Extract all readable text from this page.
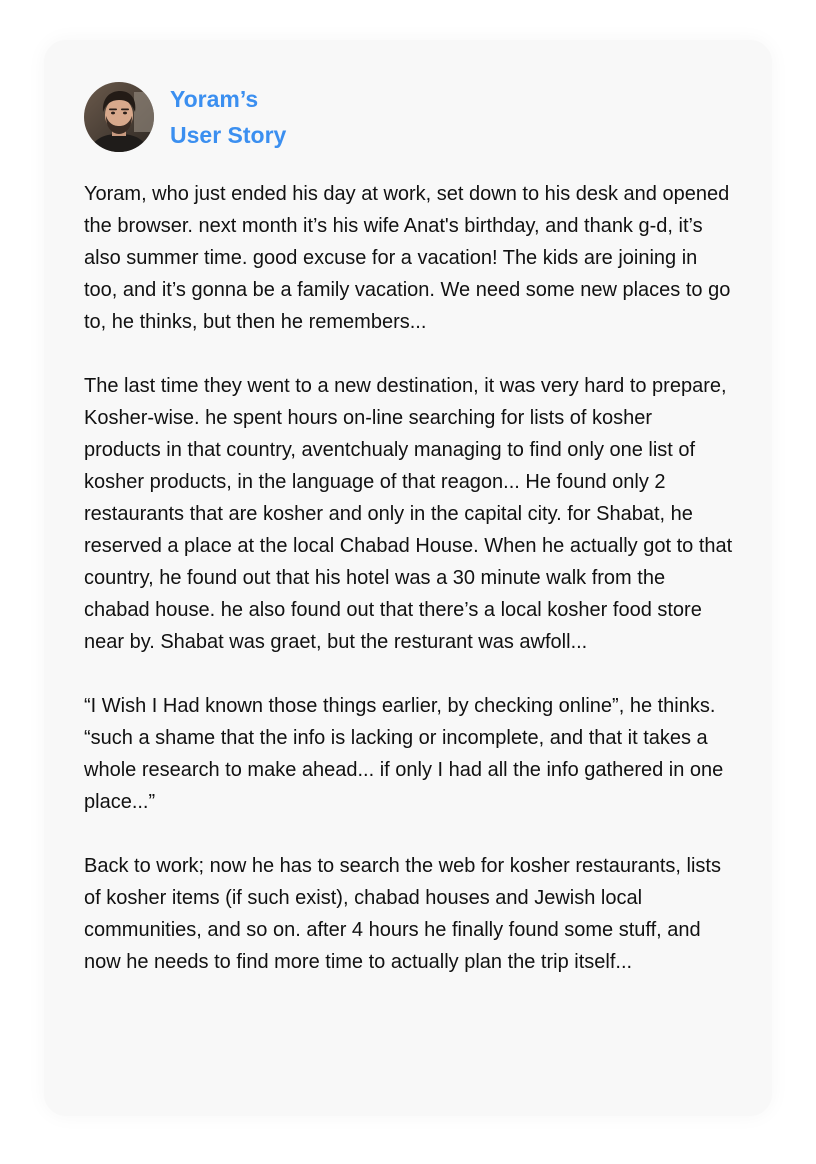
Yoram’s
User Story

Yoram, who just ended his day at work, set down to his desk and opened the browser. next month it’s his wife Anat's birthday, and thank g-d, it’s also summer time. good excuse for a vacation! The kids are joining in too, and it’s gonna be a family vacation. We need some new places to go to, he thinks, but then he remembers...

The last time they went to a new destination, it was very hard to prepare, Kosher-wise. he spent hours on-line searching for lists of kosher products in that country, aventchualy managing to find only one list of kosher products, in the language of that reagon... He found only 2 restaurants that are kosher and only in the capital city. for Shabat, he reserved a place at the local Chabad House. When he actually got to that country, he found out that his hotel was a 30 minute walk from the chabad house. he also found out that there’s a local kosher food store near by. Shabat was graet, but the resturant was awfoll...

“I Wish I Had known those things earlier, by checking online”, he thinks. “such a shame that the info is lacking or incomplete, and that it takes a whole research to make ahead... if only I had all the info gathered in one place...”

Back to work; now he has to search the web for kosher restaurants, lists of kosher items (if such exist), chabad houses and Jewish local communities, and so on. after 4 hours he finally found some stuff, and now he needs to find more time to actually plan the trip itself...
